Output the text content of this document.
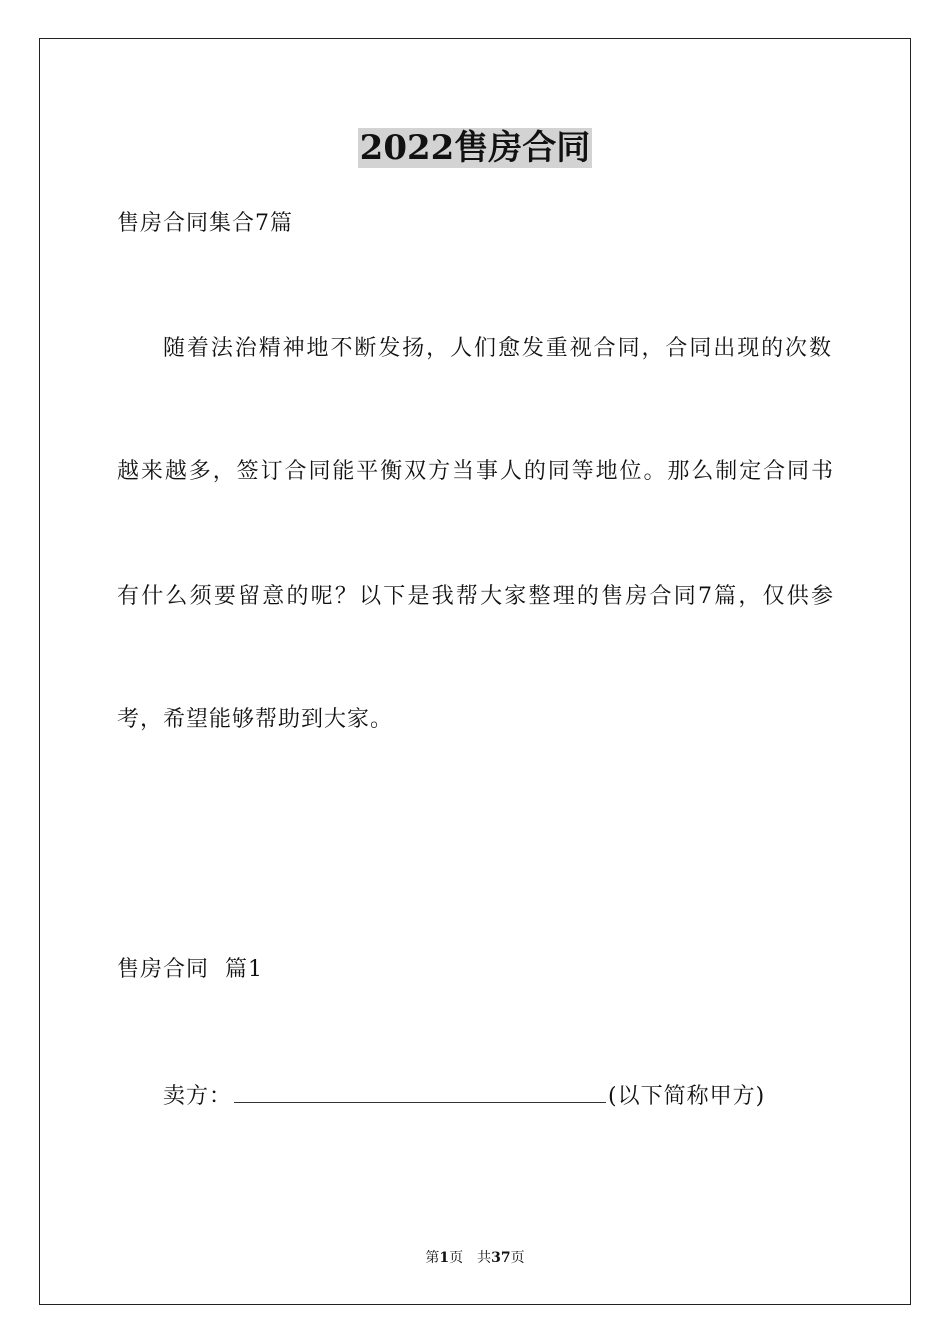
2022售房合同
售房合同集合7篇
随着法治精神地不断发扬，人们愈发重视合同，合同出现的次数
越来越多，签订合同能平衡双方当事人的同等地位。那么制定合同书
有什么须要留意的呢？以下是我帮大家整理的售房合同7篇，仅供参
考，希望能够帮助到大家。
售房合同  篇1
卖方：	(以下简称甲方)
第1页 共37页
